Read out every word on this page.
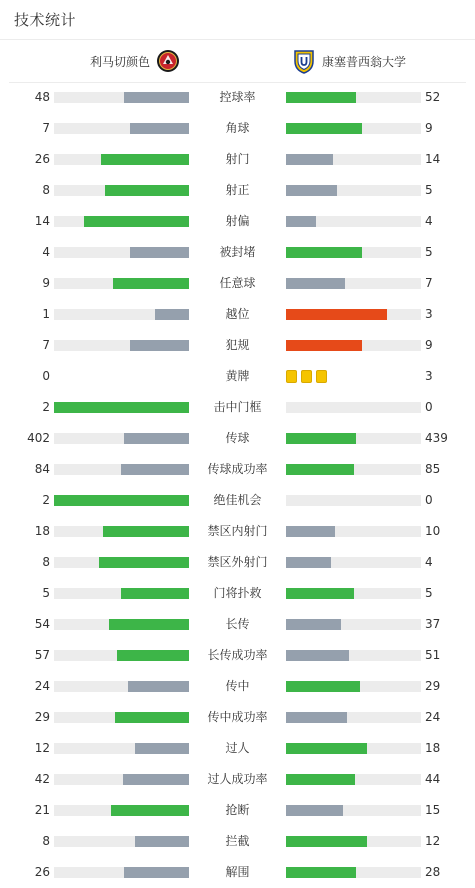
技术统计
利马切颜色	康塞普西翁大学
48	控球率	52
7	角球	9
26	射门	14
8	射正	5
14	射偏	4
4	被封堵	5
9	任意球	7
1	越位	3
7	犯规	9
0	黄牌	3
2	击中门框	0
402	传球	439
84	传球成功率	85
2	绝佳机会	0
18	禁区内射门	10
8	禁区外射门	4
5	门将扑救	5
54	长传	37
57	长传成功率	51
24	传中	29
29	传中成功率	24
12	过人	18
42	过人成功率	44
21	抢断	15
8	拦截	12
26	解围	28
